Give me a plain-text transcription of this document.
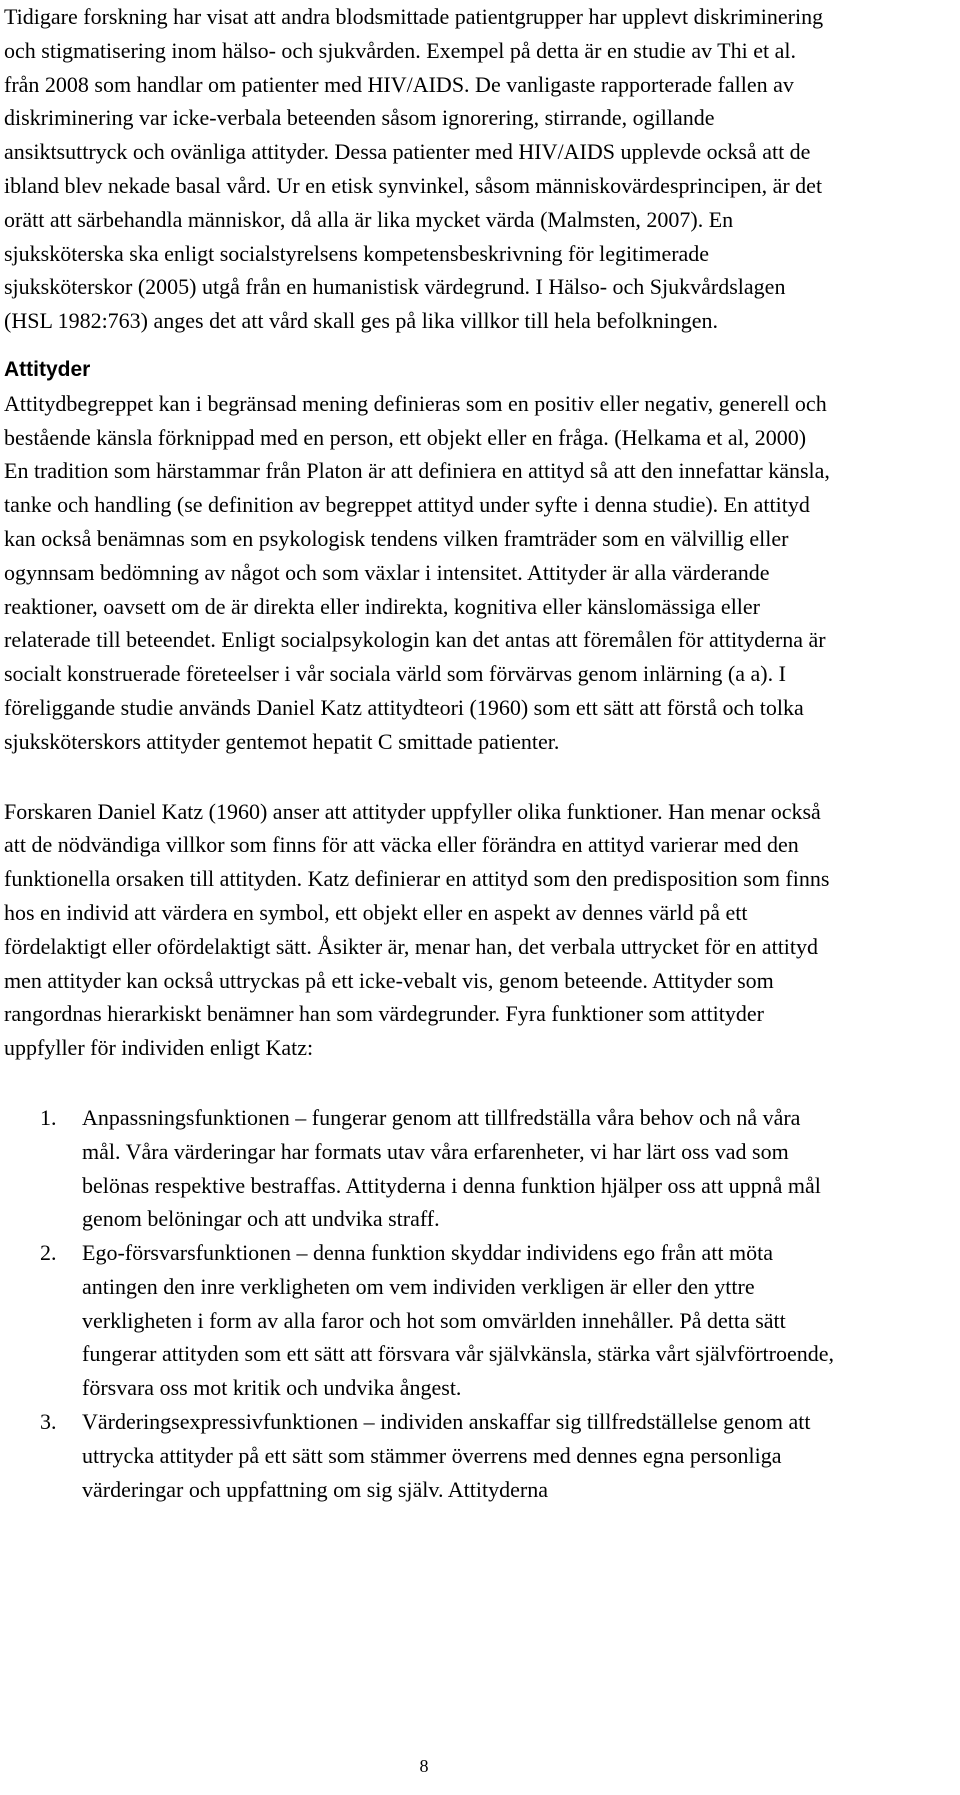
Tidigare forskning har visat att andra blodsmittade patientgrupper har upplevt diskriminering och stigmatisering inom hälso- och sjukvården. Exempel på detta är en studie av Thi et al. från 2008 som handlar om patienter med HIV/AIDS. De vanligaste rapporterade fallen av diskriminering var icke-verbala beteenden såsom ignorering, stirrande, ogillande ansiktsuttryck och ovänliga attityder. Dessa patienter med HIV/AIDS upplevde också att de ibland blev nekade basal vård. Ur en etisk synvinkel, såsom människovärdesprincipen, är det orätt att särbehandla människor, då alla är lika mycket värda (Malmsten, 2007). En sjuksköterska ska enligt socialstyrelsens kompetensbeskrivning för legitimerade sjuksköterskor (2005) utgå från en humanistisk värdegrund. I Hälso- och Sjukvårdslagen (HSL 1982:763) anges det att vård skall ges på lika villkor till hela befolkningen.

Attityder

Attitydbegreppet kan i begränsad mening definieras som en positiv eller negativ, generell och bestående känsla förknippad med en person, ett objekt eller en fråga. (Helkama et al, 2000) En tradition som härstammar från Platon är att definiera en attityd så att den innefattar känsla, tanke och handling (se definition av begreppet attityd under syfte i denna studie). En attityd kan också benämnas som en psykologisk tendens vilken framträder som en välvillig eller ogynnsam bedömning av något och som växlar i intensitet. Attityder är alla värderande reaktioner, oavsett om de är direkta eller indirekta, kognitiva eller känslomässiga eller relaterade till beteendet. Enligt socialpsykologin kan det antas att föremålen för attityderna är socialt konstruerade företeelser i vår sociala värld som förvärvas genom inlärning (a a). I föreliggande studie används Daniel Katz attitydteori (1960) som ett sätt att förstå och tolka sjuksköterskors attityder gentemot hepatit C smittade patienter.

Forskaren Daniel Katz (1960) anser att attityder uppfyller olika funktioner. Han menar också att de nödvändiga villkor som finns för att väcka eller förändra en attityd varierar med den funktionella orsaken till attityden. Katz definierar en attityd som den predisposition som finns hos en individ att värdera en symbol, ett objekt eller en aspekt av dennes värld på ett fördelaktigt eller ofördelaktigt sätt. Åsikter är, menar han, det verbala uttrycket för en attityd men attityder kan också uttryckas på ett icke-vebalt vis, genom beteende. Attityder som rangordnas hierarkiskt benämner han som värdegrunder. Fyra funktioner som attityder uppfyller för individen enligt Katz:

1. Anpassningsfunktionen – fungerar genom att tillfredställa våra behov och nå våra mål. Våra värderingar har formats utav våra erfarenheter, vi har lärt oss vad som belönas respektive bestraffas. Attityderna i denna funktion hjälper oss att uppnå mål genom belöningar och att undvika straff.
2. Ego-försvarsfunktionen – denna funktion skyddar individens ego från att möta antingen den inre verkligheten om vem individen verkligen är eller den yttre verkligheten i form av alla faror och hot som omvärlden innehåller. På detta sätt fungerar attityden som ett sätt att försvara vår självkänsla, stärka vårt självförtroende, försvara oss mot kritik och undvika ångest.
3. Värderingsexpressivfunktionen – individen anskaffar sig tillfredställelse genom att uttrycka attityder på ett sätt som stämmer överrens med dennes egna personliga värderingar och uppfattning om sig själv. Attityderna
8
